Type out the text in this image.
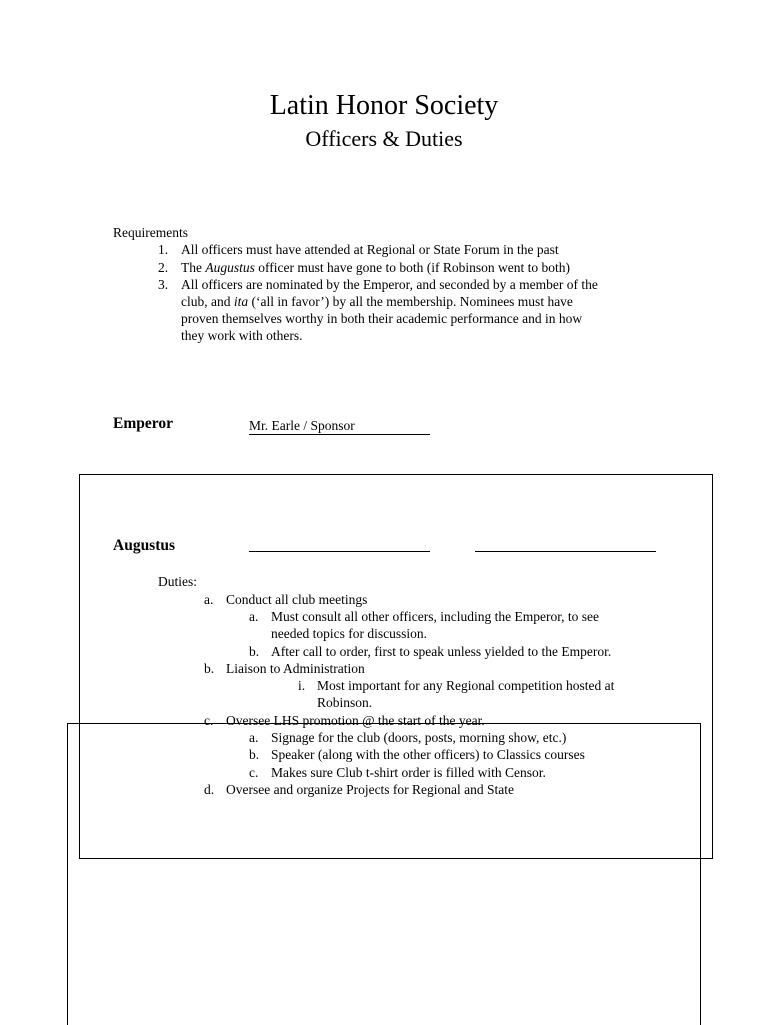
Latin Honor Society
Officers & Duties
Requirements
1. All officers must have attended at Regional or State Forum in the past
2. The Augustus officer must have gone to both (if Robinson went to both)
3. All officers are nominated by the Emperor, and seconded by a member of the
club, and ita (‘all in favor’) by all the membership. Nominees must have
proven themselves worthy in both their academic performance and in how
they work with others.
Emperor	Mr. Earle / Sponsor
Augustus
Duties:
a. Conduct all club meetings
a. Must consult all other officers, including the Emperor, to see
needed topics for discussion.
b. After call to order, first to speak unless yielded to the Emperor.
b. Liaison to Administration
i. Most important for any Regional competition hosted at
Robinson.
c. Oversee LHS promotion @ the start of the year.
a. Signage for the club (doors, posts, morning show, etc.)
b. Speaker (along with the other officers) to Classics courses
c. Makes sure Club t-shirt order is filled with Censor.
d. Oversee and organize Projects for Regional and State
